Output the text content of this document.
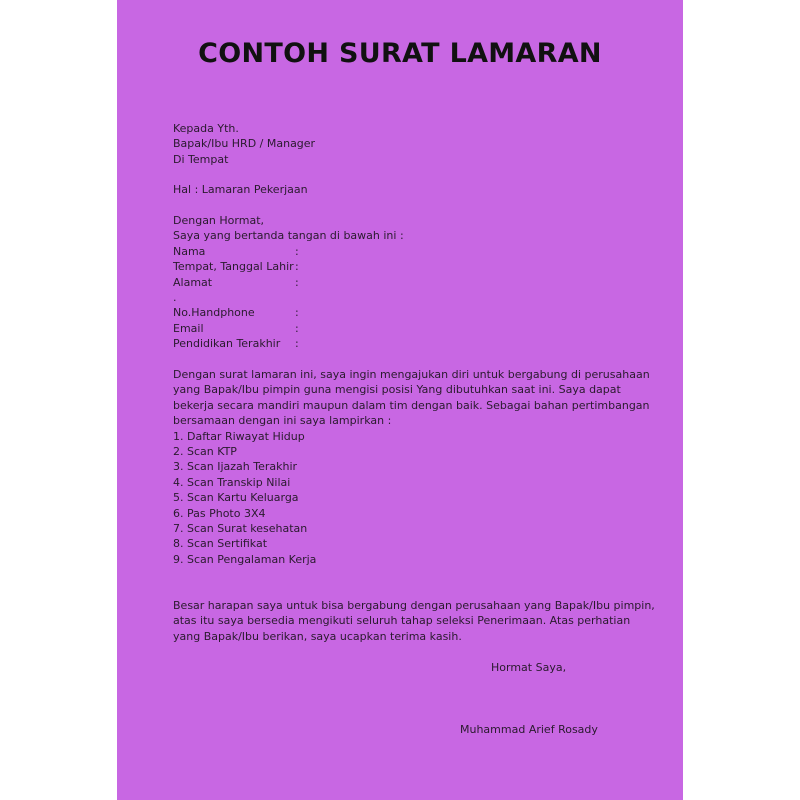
CONTOH SURAT LAMARAN
Kepada Yth.
Bapak/Ibu HRD / Manager
Di Tempat
Hal : Lamaran Pekerjaan
Dengan Hormat,
Saya yang bertanda tangan di bawah ini :
Nama	:
Tempat, Tanggal Lahir :
Alamat	:
.
No.Handphone	:
Email	:
Pendidikan Terakhir	:
Dengan surat lamaran ini, saya ingin mengajukan diri untuk bergabung di perusahaan
yang Bapak/Ibu pimpin guna mengisi posisi Yang dibutuhkan saat ini. Saya dapat
bekerja secara mandiri maupun dalam tim dengan baik. Sebagai bahan pertimbangan
bersamaan dengan ini saya lampirkan :
1. Daftar Riwayat Hidup
2. Scan KTP
3. Scan Ijazah Terakhir
4. Scan Transkip Nilai
5. Scan Kartu Keluarga
6. Pas Photo 3X4
7. Scan Surat kesehatan
8. Scan Sertifikat
9. Scan Pengalaman Kerja
Besar harapan saya untuk bisa bergabung dengan perusahaan yang Bapak/Ibu pimpin,
atas itu saya bersedia mengikuti seluruh tahap seleksi Penerimaan. Atas perhatian
yang Bapak/Ibu berikan, saya ucapkan terima kasih.
Hormat Saya,
Muhammad Arief Rosady
